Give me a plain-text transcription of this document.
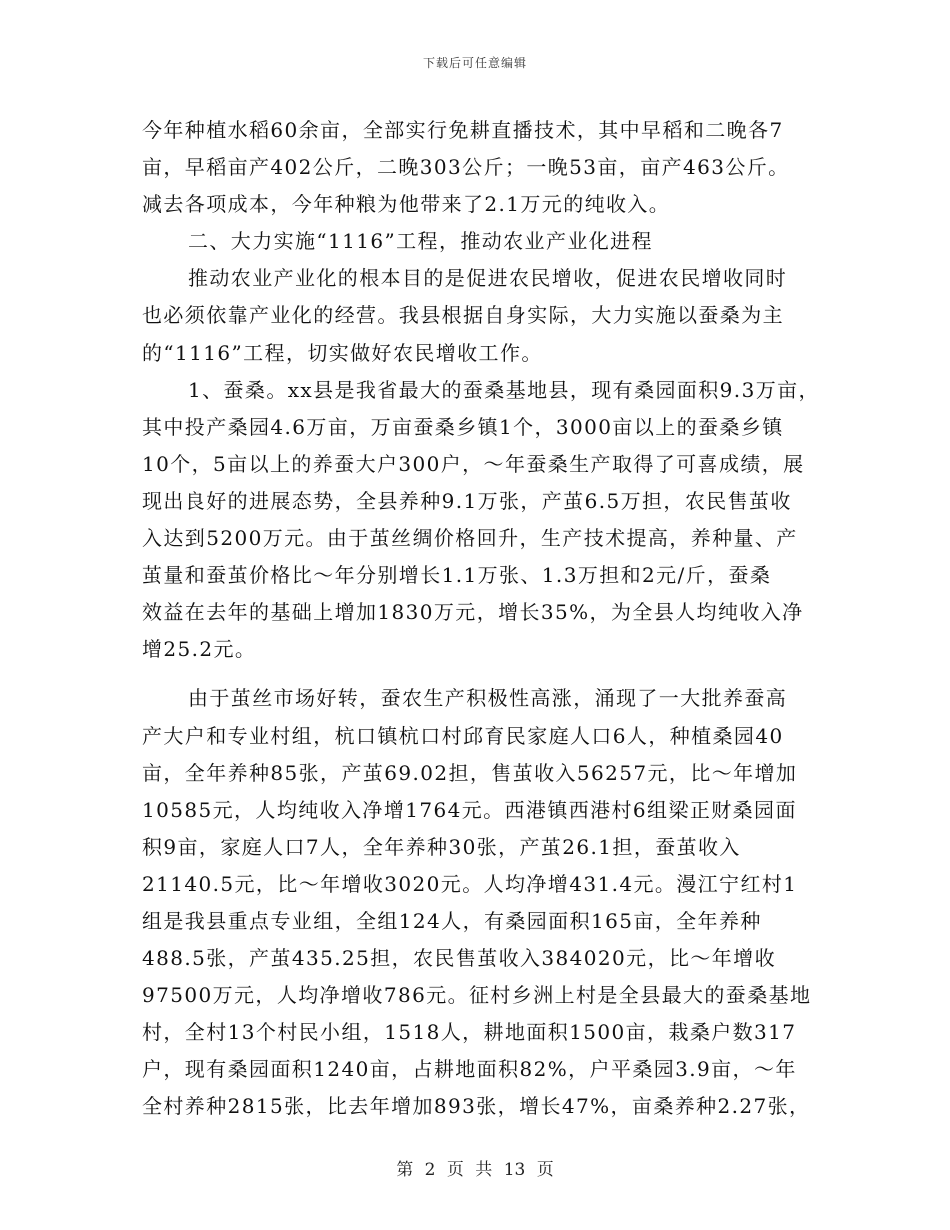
下载后可任意编辑
今年种植水稻60余亩，全部实行免耕直播技术，其中早稻和二晚各7
亩，早稻亩产402公斤，二晚303公斤；一晚53亩，亩产463公斤。
减去各项成本，今年种粮为他带来了2.1万元的纯收入。
二、大力实施“1116”工程，推动农业产业化进程
推动农业产业化的根本目的是促进农民增收，促进农民增收同时
也必须依靠产业化的经营。我县根据自身实际，大力实施以蚕桑为主
的“1116”工程，切实做好农民增收工作。
1、蚕桑。xx县是我省最大的蚕桑基地县，现有桑园面积9.3万亩，
其中投产桑园4.6万亩，万亩蚕桑乡镇1个，3000亩以上的蚕桑乡镇
10个，5亩以上的养蚕大户300户，～年蚕桑生产取得了可喜成绩，展
现出良好的进展态势，全县养种9.1万张，产茧6.5万担，农民售茧收
入达到5200万元。由于茧丝绸价格回升，生产技术提高，养种量、产
茧量和蚕茧价格比～年分别增长1.1万张、1.3万担和2元/斤，蚕桑
效益在去年的基础上增加1830万元，增长35%，为全县人均纯收入净
增25.2元。
由于茧丝市场好转，蚕农生产积极性高涨，涌现了一大批养蚕高
产大户和专业村组，杭口镇杭口村邱育民家庭人口6人，种植桑园40
亩，全年养种85张，产茧69.02担，售茧收入56257元，比～年增加
10585元，人均纯收入净增1764元。西港镇西港村6组梁正财桑园面
积9亩，家庭人口7人，全年养种30张，产茧26.1担，蚕茧收入
21140.5元，比～年增收3020元。人均净增431.4元。漫江宁红村1
组是我县重点专业组，全组124人，有桑园面积165亩，全年养种
488.5张，产茧435.25担，农民售茧收入384020元，比～年增收
97500万元，人均净增收786元。征村乡洲上村是全县最大的蚕桑基地
村，全村13个村民小组，1518人，耕地面积1500亩，栽桑户数317
户，现有桑园面积1240亩，占耕地面积82%，户平桑园3.9亩，～年
全村养种2815张，比去年增加893张，增长47%，亩桑养种2.27张，
第 2 页 共 13 页
